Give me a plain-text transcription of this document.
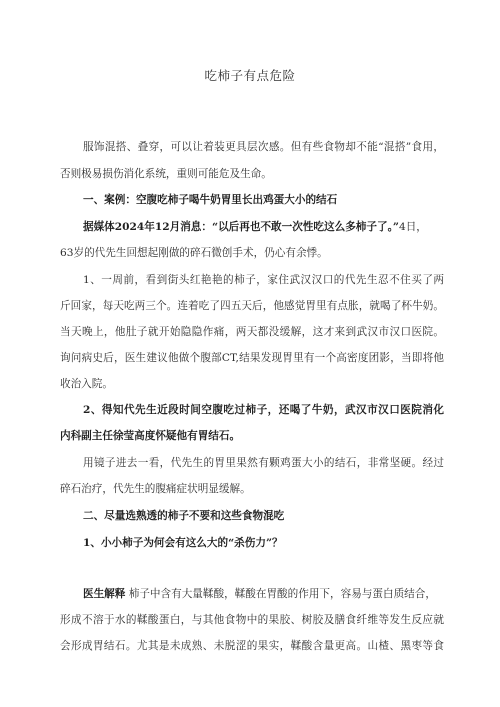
吃柿子有点危险
服饰混搭、叠穿，可以让着装更具层次感。但有些食物却不能“混搭”食用，
否则极易损伤消化系统，重则可能危及生命。
一、案例：空腹吃柿子喝牛奶胃里长出鸡蛋大小的结石
据媒体2024年12月消息：“以后再也不敢一次性吃这么多柿子了。”4日，
63岁的代先生回想起刚做的碎石微创手术，仍心有余悸。
1、一周前，看到街头红艳艳的柿子，家住武汉汉口的代先生忍不住买了两
斤回家，每天吃两三个。连着吃了四五天后，他感觉胃里有点胀，就喝了杯牛奶。
当天晚上，他肚子就开始隐隐作痛，两天都没缓解，这才来到武汉市汉口医院。
询问病史后，医生建议他做个腹部CT,结果发现胃里有一个高密度团影，当即将他
收治入院。
2、得知代先生近段时间空腹吃过柿子，还喝了牛奶，武汉市汉口医院消化
内科副主任徐莹高度怀疑他有胃结石。
用镜子进去一看，代先生的胃里果然有颗鸡蛋大小的结石，非常坚硬。经过
碎石治疗，代先生的腹痛症状明显缓解。
二、尽量选熟透的柿子不要和这些食物混吃
1、小小柿子为何会有这么大的“杀伤力”？
医生解释 柿子中含有大量鞣酸，鞣酸在胃酸的作用下，容易与蛋白质结合，
形成不溶于水的鞣酸蛋白，与其他食物中的果胶、树胶及膳食纤维等发生反应就
会形成胃结石。尤其是未成熟、未脱涩的果实，鞣酸含量更高。山楂、黑枣等食
